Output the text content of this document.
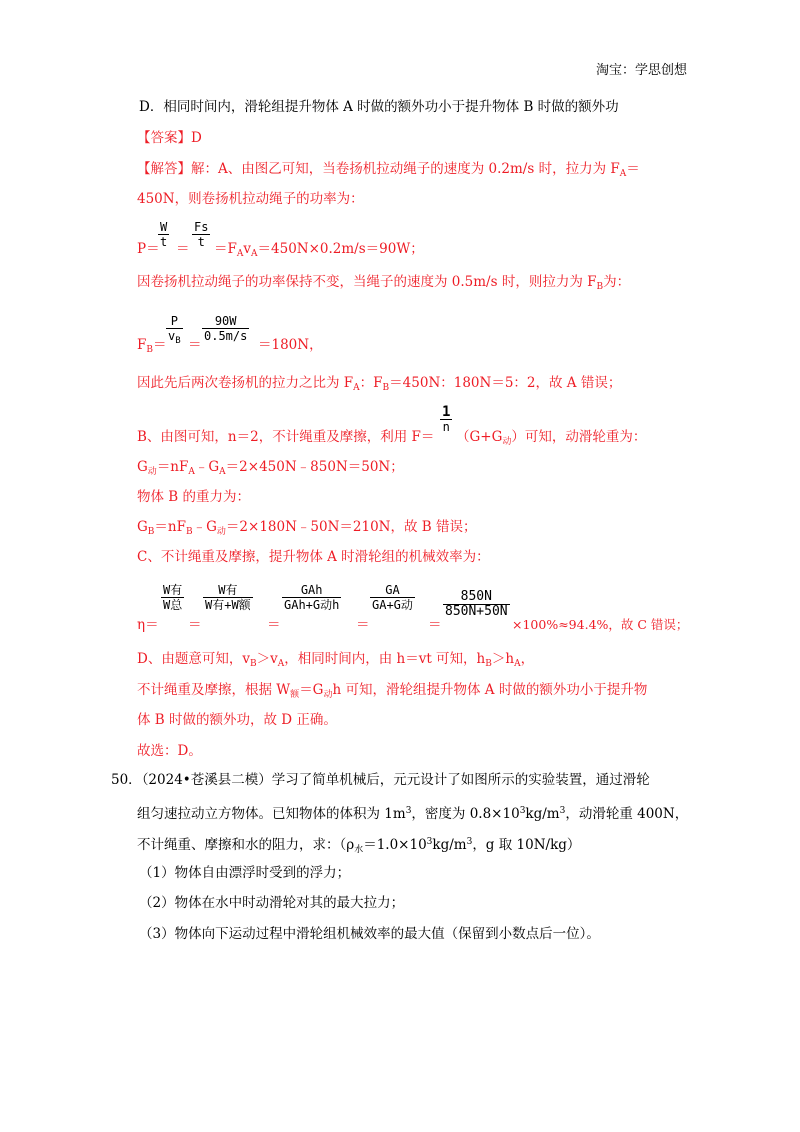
淘宝：学思创想
D．相同时间内，滑轮组提升物体 A 时做的额外功小于提升物体 B 时做的额外功
【答案】D
【解答】解：A、由图乙可知，当卷扬机拉动绳子的速度为 0.2m/s 时，拉力为 $F_A=$
450N，则卷扬机拉动绳子的功率为：
P＝
$\frac{W}{t} = \frac{Fs}{t} =F_Av_A=450N\times 0.2m/s=90W$；
因卷扬机拉动绳子的功率保持不变，当绳子的速度为 0.5m/s 时，则拉力为 $F_B$为：
$F_B= \frac{P}{v_B}$ ＝
$\frac{90W}{0.5m/s}$
＝180N，
因此先后两次卷扬机的拉力之比为 $F_A$：$F_B=450N$：180N＝5：2，故 A 错误；
B、由图可知，n＝2，不计绳重及摩擦，利用 F＝
$\frac{1}{n}$
$(G+G_动)$可知，动滑轮重为：
$G_动=nF_A﹣G_A=2\times 450N﹣850N=50N$；
物体 B 的重力为：
$G_B=nF_B﹣G_动=2\times 180N﹣50N=210N$，故 B 错误；
C、不计绳重及摩擦，提升物体 A 时滑轮组的机械效率为：
η＝
W有
W总
＝
W有
W有+W额
＝
GAh
GAh+G动h
＝
GA
GA+G动
＝
$\frac{850N}{850N+50N}$
×100%≈94.4%，故 C 错误；
D、由题意可知，$v_B>v_A$，相同时间内，由 h＝vt 可知，$h_B>h_A$，
不计绳重及摩擦，根据 $W_额=G_动h$ 可知，滑轮组提升物体 A 时做的额外功小于提升物
体 B 时做的额外功，故 D 正确。
故选：D。
50．（2024•苍溪县二模）学习了简单机械后，元元设计了如图所示的实验装置，通过滑轮
组匀速拉动立方物体。已知物体的体积为 $1m^3$，密度为 $0.8\times 10^3kg/m^3$，动滑轮重 400N，
不计绳重、摩擦和水的阻力，求：（$\rho_水=1.0\times 10^3kg/m^3$，g 取 10N/kg）
（1）物体自由漂浮时受到的浮力；
（2）物体在水中时动滑轮对其的最大拉力；
（3）物体向下运动过程中滑轮组机械效率的最大值（保留到小数点后一位）。
